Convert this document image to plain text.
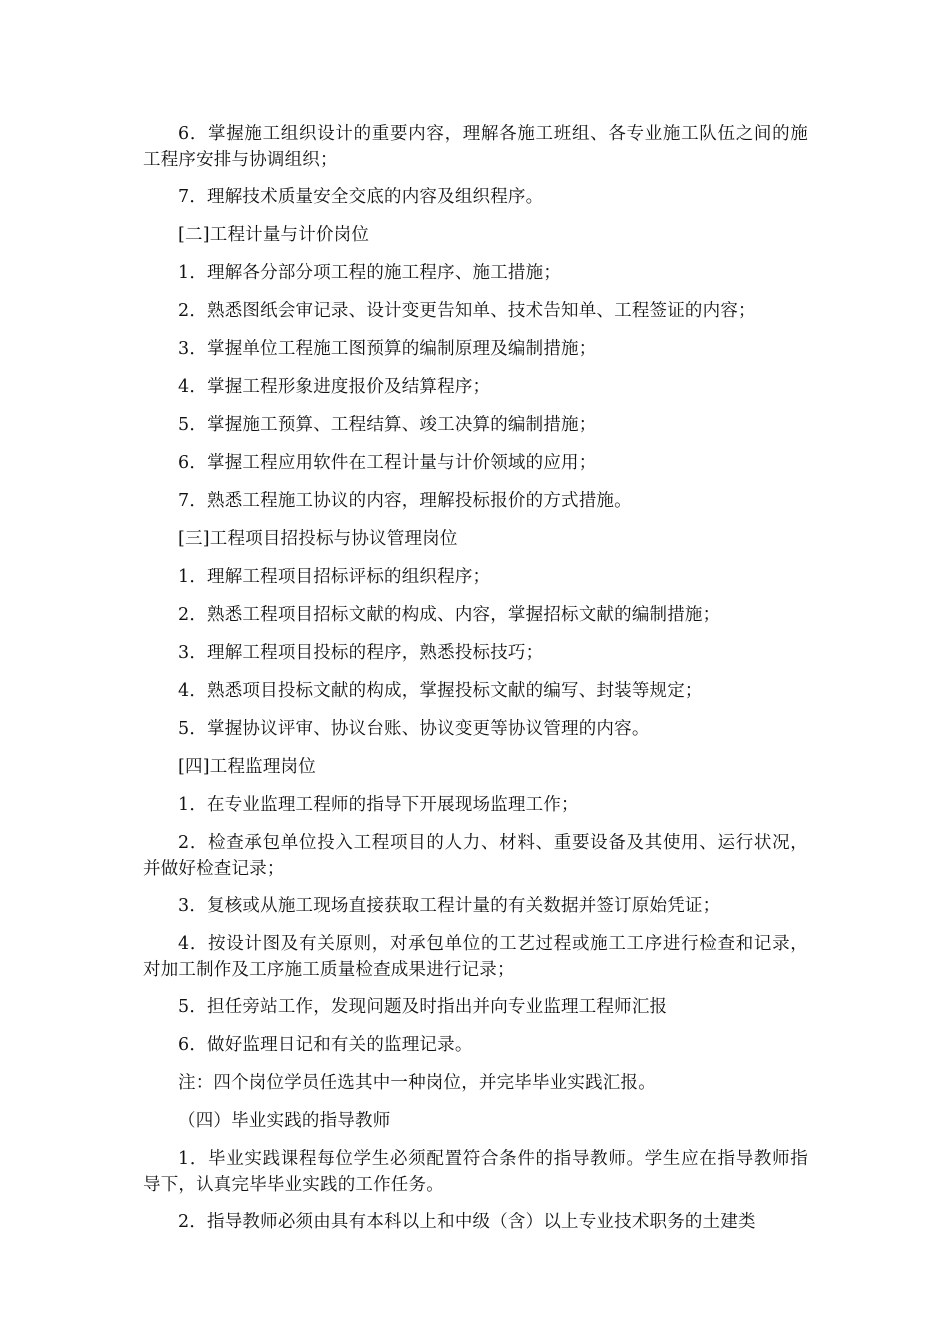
6．掌握施工组织设计的重要内容，理解各施工班组、各专业施工队伍之间的施工程序安排与协调组织；

7．理解技术质量安全交底的内容及组织程序。

[二]工程计量与计价岗位

1．理解各分部分项工程的施工程序、施工措施；

2．熟悉图纸会审记录、设计变更告知单、技术告知单、工程签证的内容；

3．掌握单位工程施工图预算的编制原理及编制措施；

4．掌握工程形象进度报价及结算程序；

5．掌握施工预算、工程结算、竣工决算的编制措施；

6．掌握工程应用软件在工程计量与计价领域的应用；

7．熟悉工程施工协议的内容，理解投标报价的方式措施。

[三]工程项目招投标与协议管理岗位

1．理解工程项目招标评标的组织程序；

2．熟悉工程项目招标文献的构成、内容，掌握招标文献的编制措施；

3．理解工程项目投标的程序，熟悉投标技巧；

4．熟悉项目投标文献的构成，掌握投标文献的编写、封装等规定；

5．掌握协议评审、协议台账、协议变更等协议管理的内容。

[四]工程监理岗位

1．在专业监理工程师的指导下开展现场监理工作；

2．检查承包单位投入工程项目的人力、材料、重要设备及其使用、运行状况，并做好检查记录；

3．复核或从施工现场直接获取工程计量的有关数据并签订原始凭证；

4．按设计图及有关原则，对承包单位的工艺过程或施工工序进行检查和记录，对加工制作及工序施工质量检查成果进行记录；

5．担任旁站工作，发现问题及时指出并向专业监理工程师汇报

6．做好监理日记和有关的监理记录。

注：四个岗位学员任选其中一种岗位，并完毕毕业实践汇报。

（四）毕业实践的指导教师

1．毕业实践课程每位学生必须配置符合条件的指导教师。学生应在指导教师指导下，认真完毕毕业实践的工作任务。

2．指导教师必须由具有本科以上和中级（含）以上专业技术职务的土建类
